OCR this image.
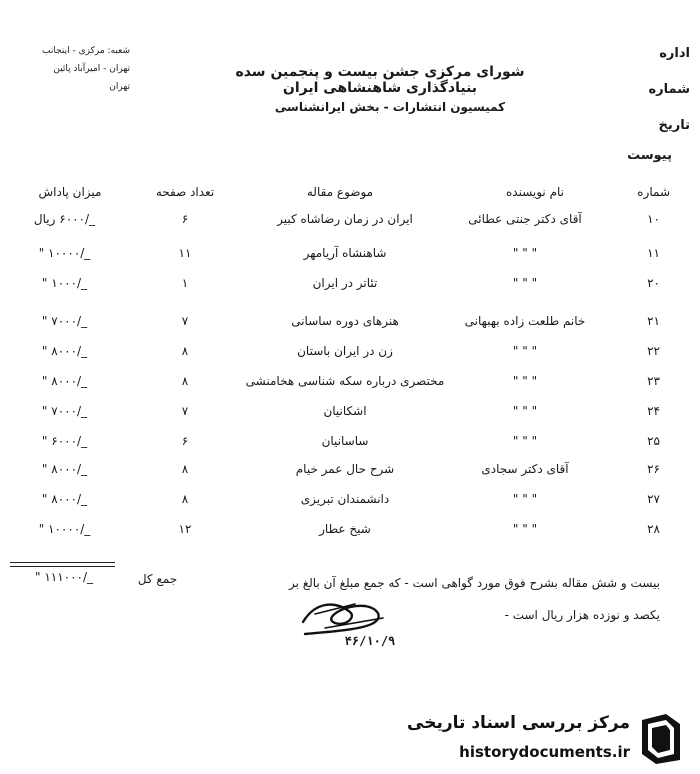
شعبه: مرکزی - اینجانب
تهران - امیرآباد پائین
تهران
شورای مرکزی جشن بیست و پنجمین سده بنیادگذاری شاهنشاهی ایران
کمیسیون انتشارات - بخش ایرانشناسی
اداره
شماره
تاریخ
پیوست
شماره
نام نویسنده
موضوع مقاله
تعداد صفحه
میزان پاداش
۱۰
آقای دکتر جنتی عطائی
ایران در زمان رضاشاه کبیر
۶
_/۶۰۰۰ ریال
۱۱
" " "
شاهنشاه آریامهر
۱۱
_/۱۰۰۰۰ "
۲۰
" " "
تئاتر در ایران
۱
_/۱۰۰۰ "
۲۱
خانم طلعت زاده بهبهانی
هنرهای دوره ساسانی
۷
_/۷۰۰۰ "
۲۲
" " "
زن در ایران باستان
۸
_/۸۰۰۰ "
۲۳
" " "
مختصری درباره سکه شناسی هخامنشی
۸
_/۸۰۰۰ "
۲۴
" " "
اشکانیان
۷
_/۷۰۰۰ "
۲۵
" " "
ساسانیان
۶
_/۶۰۰۰ "
۲۶
آقای دکتر سجادی
شرح حال عمر خیام
۸
_/۸۰۰۰ "
۲۷
" " "
دانشمندان تبریزی
۸
_/۸۰۰۰ "
۲۸
" " "
شیخ عطار
۱۲
_/۱۰۰۰۰ "
_/۱۱۱۰۰۰ "	جمع کل	بیست و شش مقاله بشرح فوق مورد گواهی است - که جمع مبلغ آن بالغ بر
یکصد و نوزده هزار ریال است -
۴۶/۱۰/۹
مرکز بررسی اسناد تاریخی
historydocuments.ir
